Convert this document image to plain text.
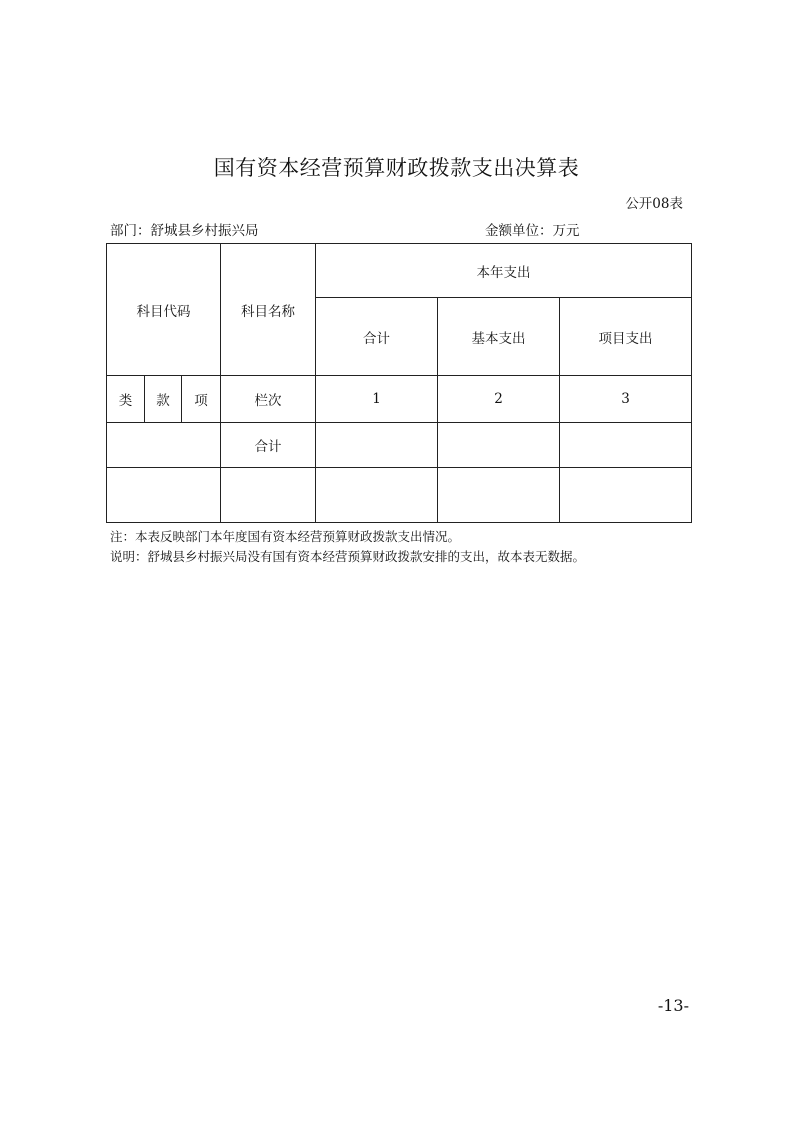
国有资本经营预算财政拨款支出决算表
公开08表
部门：舒城县乡村振兴局	金额单位：万元
科目代码			科目名称	本年支出		
				合计	基本支出	项目支出
类	款	项	栏次	1	2	3
			合计			

注：本表反映部门本年度国有资本经营预算财政拨款支出情况。
说明：舒城县乡村振兴局没有国有资本经营预算财政拨款安排的支出，故本表无数据。
-13-
